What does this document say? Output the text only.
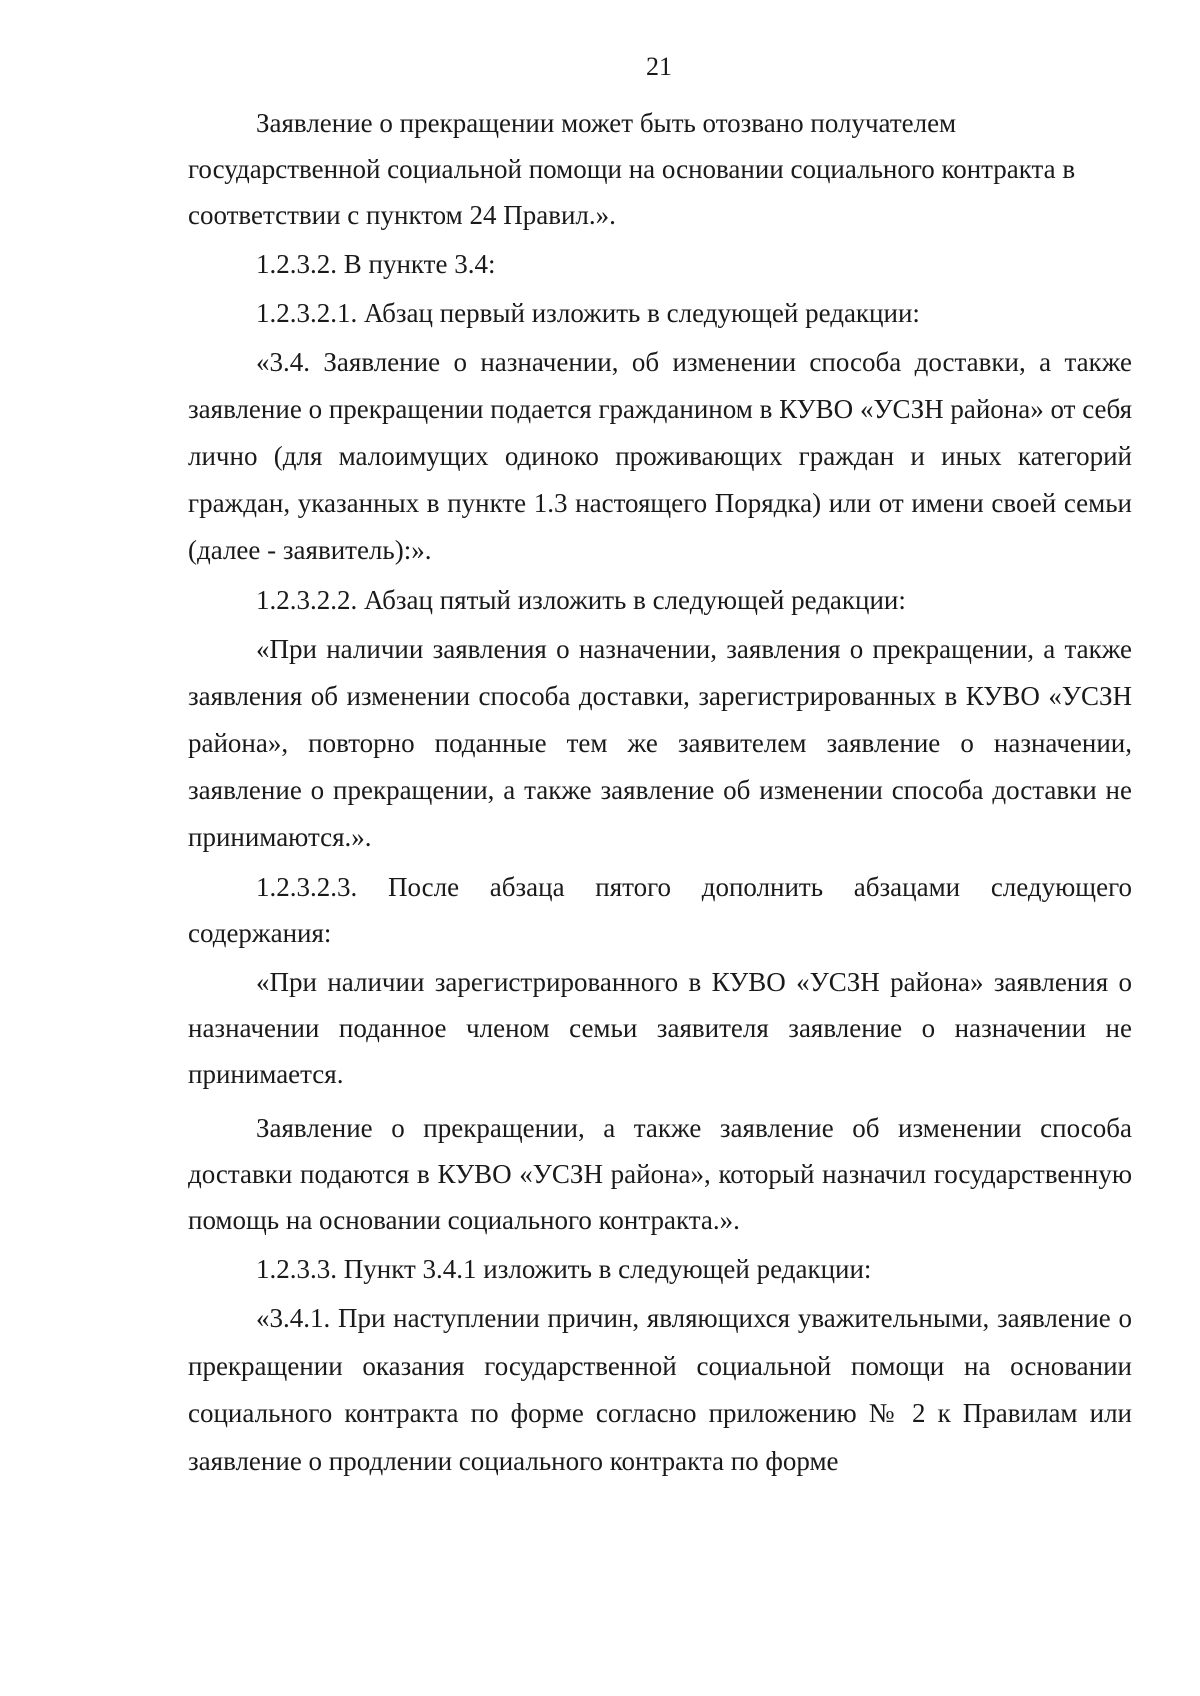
21

Заявление о прекращении может быть отозвано получателем государственной социальной помощи на основании социального контракта в соответствии с пунктом 24 Правил.».

1.2.3.2. В пункте 3.4:

1.2.3.2.1. Абзац первый изложить в следующей редакции:

«3.4. Заявление о назначении, об изменении способа доставки, а также заявление о прекращении подается гражданином в КУВО «УСЗН района» от себя лично (для малоимущих одиноко проживающих граждан и иных категорий граждан, указанных в пункте 1.3 настоящего Порядка) или от имени своей семьи (далее - заявитель):».

1.2.3.2.2. Абзац пятый изложить в следующей редакции:

«При наличии заявления о назначении, заявления о прекращении, а также заявления об изменении способа доставки, зарегистрированных в КУВО «УСЗН района», повторно поданные тем же заявителем заявление о назначении, заявление о прекращении, а также заявление об изменении способа доставки не принимаются.».

1.2.3.2.3. После абзаца пятого дополнить абзацами следующего содержания:

«При наличии зарегистрированного в КУВО «УСЗН района» заявления о назначении поданное членом семьи заявителя заявление о назначении не принимается.

Заявление о прекращении, а также заявление об изменении способа доставки подаются в КУВО «УСЗН района», который назначил государственную помощь на основании социального контракта.».

1.2.3.3. Пункт 3.4.1 изложить в следующей редакции:

«3.4.1. При наступлении причин, являющихся уважительными, заявление о прекращении оказания государственной социальной помощи на основании социального контракта по форме согласно приложению № 2 к Правилам или заявление о продлении социального контракта по форме
